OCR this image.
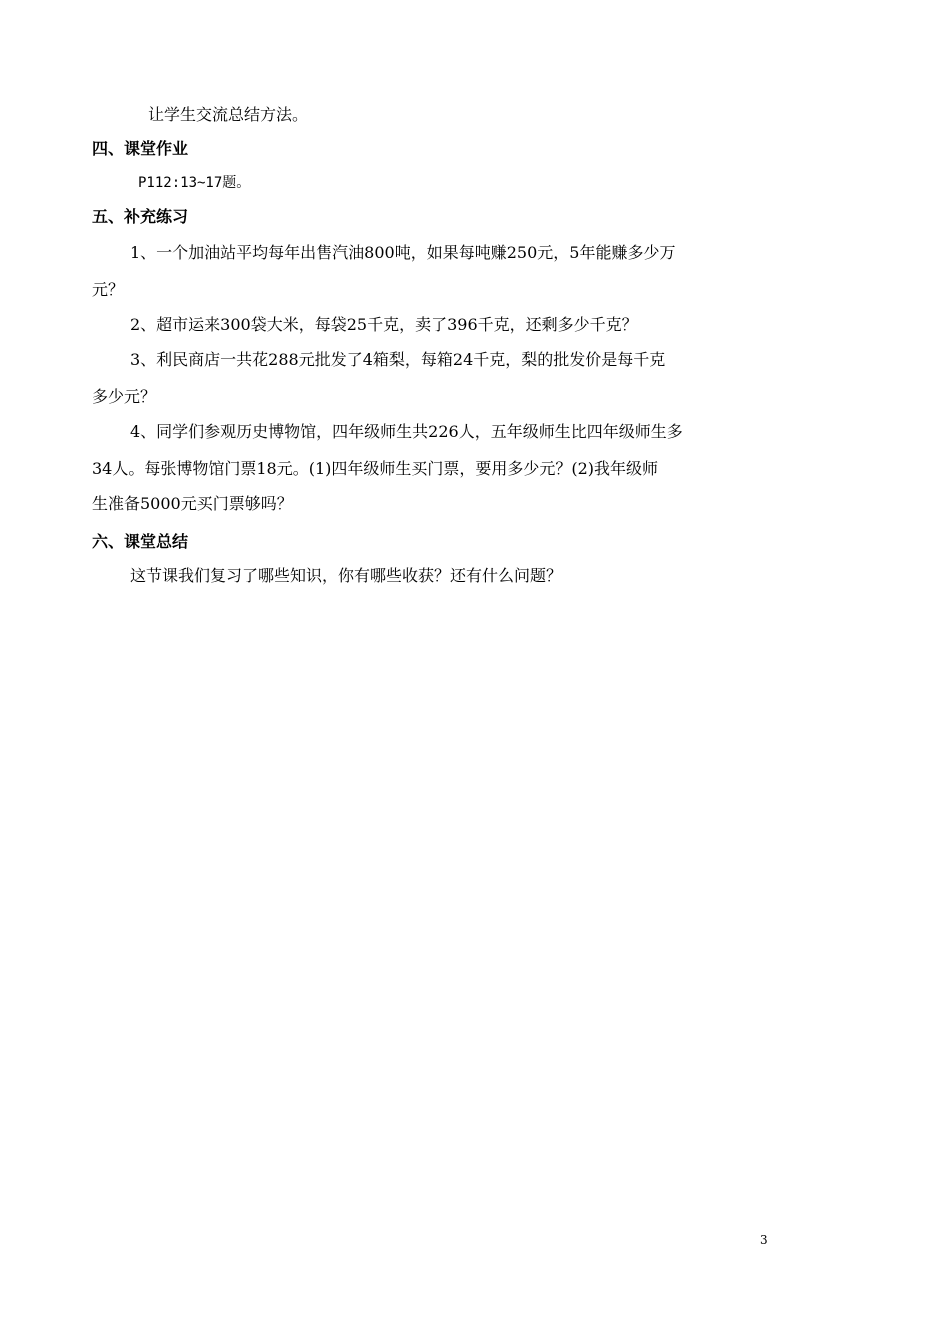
让学生交流总结方法。
四、课堂作业
P112:13~17题。
五、补充练习
1、一个加油站平均每年出售汽油800吨，如果每吨赚250元，5年能赚多少万
元？
2、超市运来300袋大米，每袋25千克，卖了396千克，还剩多少千克？
3、利民商店一共花288元批发了4箱梨，每箱24千克，梨的批发价是每千克
多少元？
4、同学们参观历史博物馆，四年级师生共226人，五年级师生比四年级师生多
34人。每张博物馆门票18元。(1)四年级师生买门票，要用多少元？(2)我年级师
生准备5000元买门票够吗？
六、课堂总结
这节课我们复习了哪些知识，你有哪些收获？还有什么问题？
3
